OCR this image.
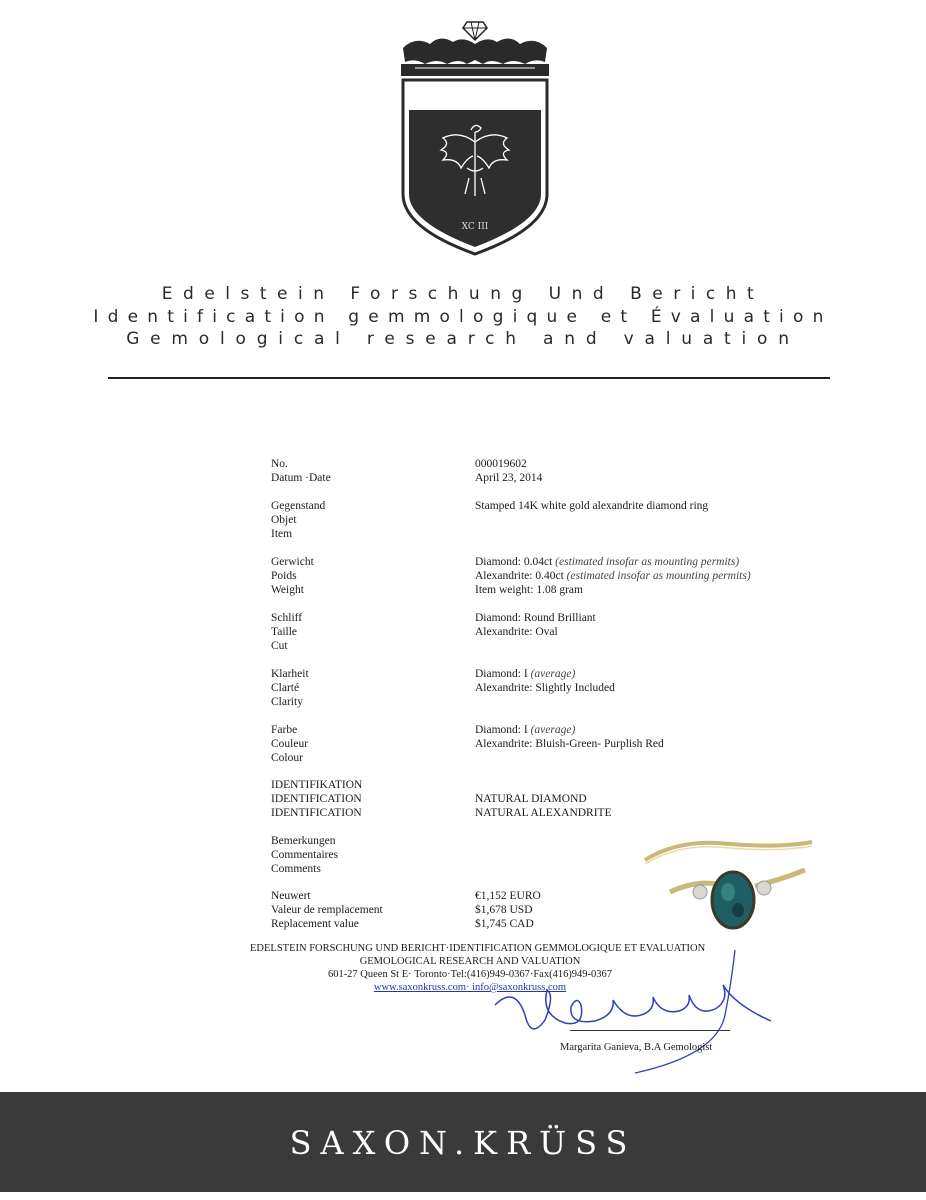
XC III
Edelstein Forschung Und Bericht
Identification gemmologique et Évaluation
Gemological research and valuation
No.	000019602
Datum ·Date	April 23, 2014
Gegenstand
Objet
Item
Stamped 14K white gold alexandrite diamond ring
Gerwicht
Poids
Weight
Diamond: 0.04ct (estimated insofar as mounting permits)
Alexandrite: 0.40ct (estimated insofar as mounting permits)
Item weight: 1.08 gram
Schliff
Taille
Cut
Diamond: Round Brilliant
Alexandrite: Oval
Klarheit
Clarté
Clarity
Diamond: I (average)
Alexandrite: Slightly Included
Farbe
Couleur
Colour
Diamond: I (average)
Alexandrite: Bluish-Green- Purplish Red
IDENTIFIKATION
IDENTIFICATION
IDENTIFICATION
NATURAL DIAMOND
NATURAL ALEXANDRITE
Bemerkungen
Commentaires
Comments
Neuwert
Valeur de remplacement
Replacement value
€1,152 EURO
$1,678 USD
$1,745 CAD
EDELSTEIN FORSCHUNG UND BERICHT·IDENTIFICATION GEMMOLOGIQUE ET EVALUATION
GEMOLOGICAL RESEARCH AND VALUATION
601-27 Queen St E· Toronto·Tel:(416)949-0367·Fax(416)949-0367
www.saxonkruss.com· info@saxonkruss.com
Margarita Ganieva, B.A Gemologist
SAXON.KRÜSS
